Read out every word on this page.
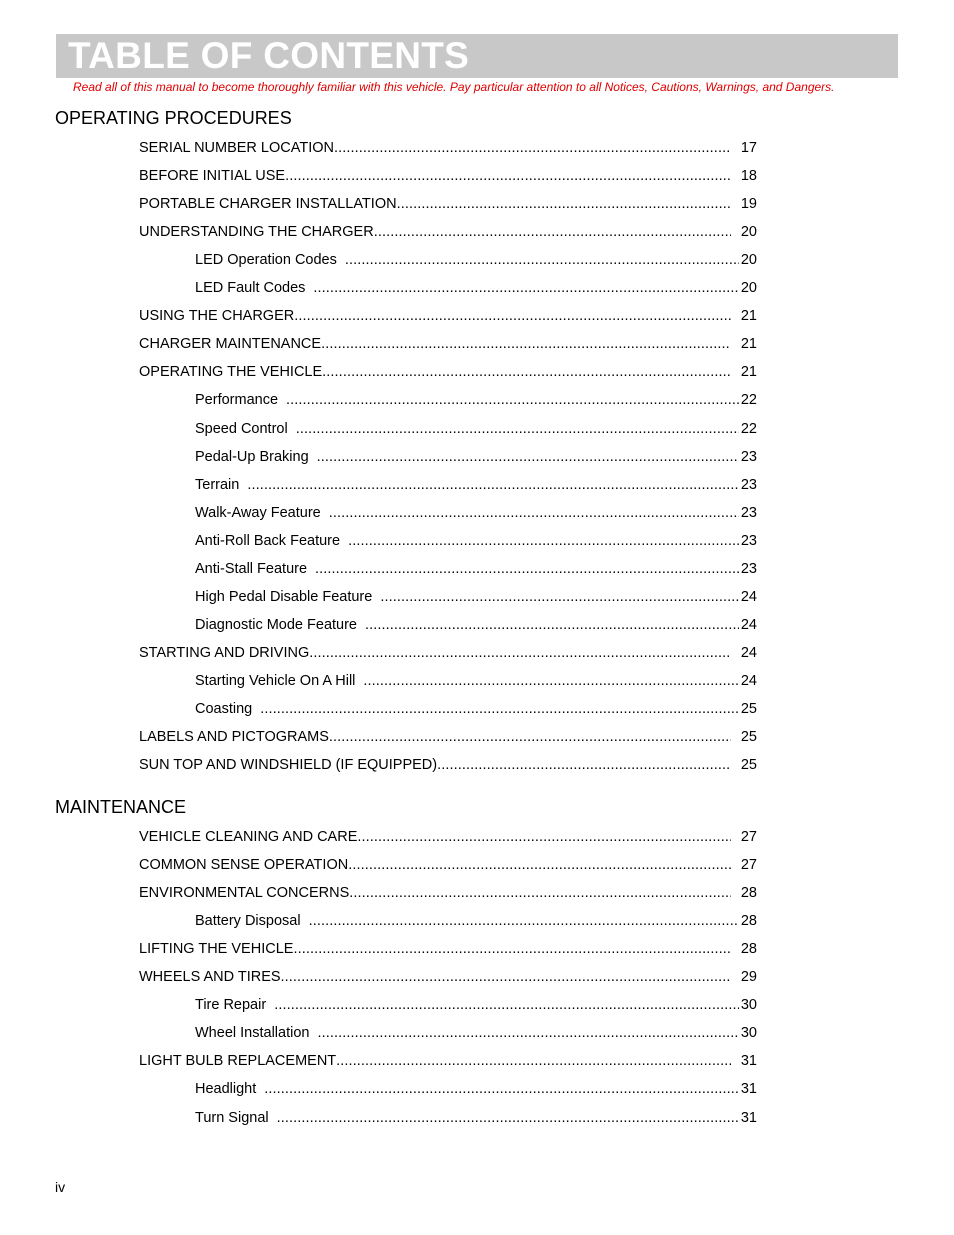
TABLE OF CONTENTS
Read all of this manual to become thoroughly familiar with this vehicle. Pay particular attention to all Notices, Cautions, Warnings, and Dangers.
OPERATING PROCEDURES
SERIAL NUMBER LOCATION .....	17
BEFORE INITIAL USE .....	18
PORTABLE CHARGER INSTALLATION .....	19
UNDERSTANDING THE CHARGER .....	20
LED Operation Codes .....	20
LED Fault Codes .....	20
USING THE CHARGER .....	21
CHARGER MAINTENANCE .....	21
OPERATING THE VEHICLE .....	21
Performance .....	22
Speed Control .....	22
Pedal-Up Braking .....	23
Terrain .....	23
Walk-Away Feature .....	23
Anti-Roll Back Feature .....	23
Anti-Stall Feature .....	23
High Pedal Disable Feature .....	24
Diagnostic Mode Feature .....	24
STARTING AND DRIVING .....	24
Starting Vehicle On A Hill .....	24
Coasting .....	25
LABELS AND PICTOGRAMS .....	25
SUN TOP AND WINDSHIELD (IF EQUIPPED) .....	25
MAINTENANCE
VEHICLE CLEANING AND CARE .....	27
COMMON SENSE OPERATION .....	27
ENVIRONMENTAL CONCERNS .....	28
Battery Disposal .....	28
LIFTING THE VEHICLE .....	28
WHEELS AND TIRES .....	29
Tire Repair .....	30
Wheel Installation .....	30
LIGHT BULB REPLACEMENT .....	31
Headlight .....	31
Turn Signal .....	31
iv
